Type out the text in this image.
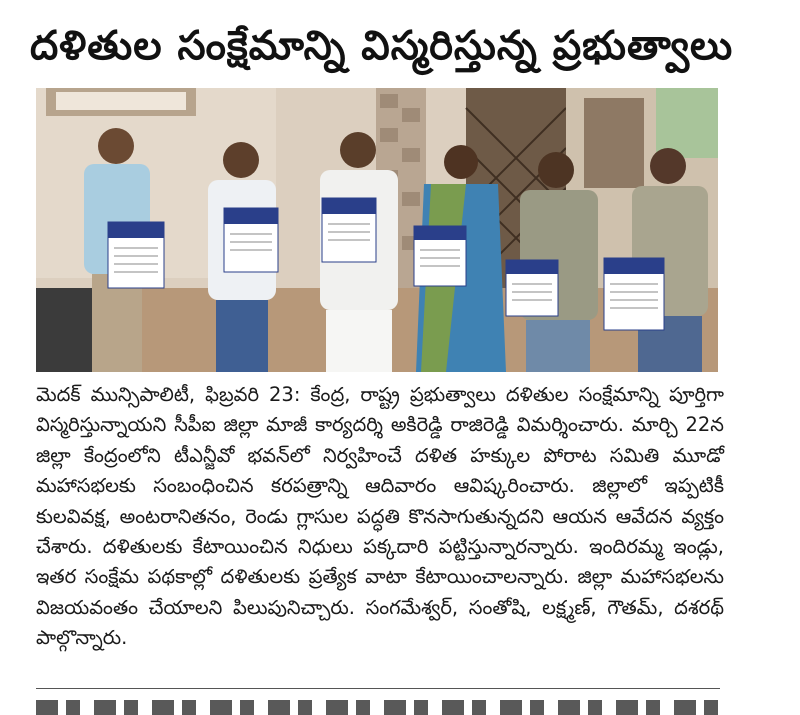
దళితుల సంక్షేమాన్ని విస్మరిస్తున్న ప్రభుత్వాలు

మెదక్ మున్సిపాలిటీ, ఫిబ్రవరి 23: కేంద్ర, రాష్ట్ర ప్రభుత్వాలు దళితుల సంక్షేమాన్ని పూర్తిగా విస్మరిస్తున్నాయని సీపీఐ జిల్లా మాజీ కార్యదర్శి అకిరెడ్డి రాజిరెడ్డి విమర్శించారు. మార్చి 22న జిల్లా కేంద్రంలోని టీఎన్జీవో భవన్‌లో నిర్వహించే దళిత హక్కుల పోరాట సమితి మూడో మహాసభలకు సంబంధించిన కరపత్రాన్ని ఆదివారం ఆవిష్కరించారు. జిల్లాలో ఇప్పటికీ కులవివక్ష, అంటరానితనం, రెండు గ్లాసుల పద్ధతి కొనసాగుతున్నదని ఆయన ఆవేదన వ్యక్తం చేశారు. దళితులకు కేటాయించిన నిధులు పక్కదారి పట్టిస్తున్నారన్నారు. ఇందిరమ్మ ఇండ్లు, ఇతర సంక్షేమ పథకాల్లో దళితులకు ప్రత్యేక వాటా కేటాయించాలన్నారు. జిల్లా మహాసభలను విజయవంతం చేయాలని పిలుపునిచ్చారు. సంగమేశ్వర్, సంతోషి, లక్ష్మణ్, గౌతమ్, దశరథ్ పాల్గొన్నారు.
